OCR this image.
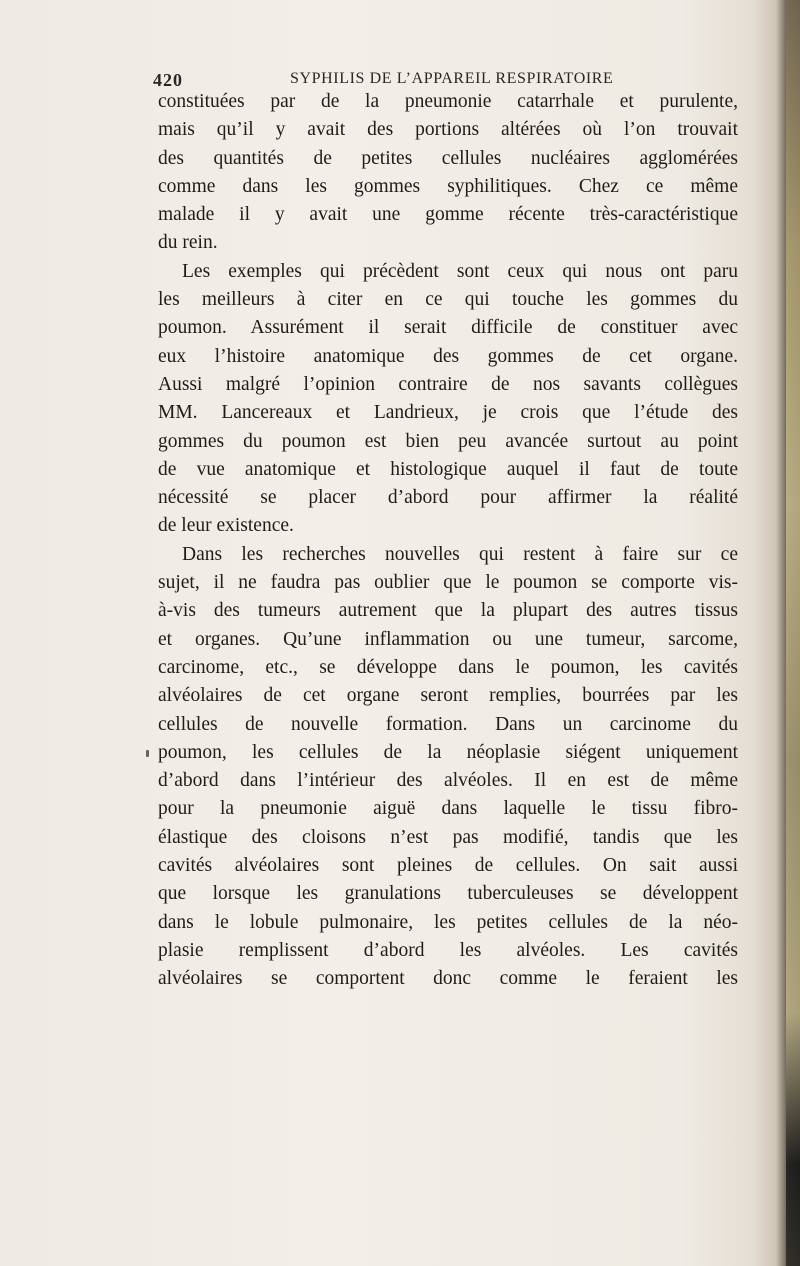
420	SYPHILIS DE L’APPAREIL RESPIRATOIRE
constituées par de la pneumonie catarrhale et purulente,
mais qu’il y avait des portions altérées où l’on trouvait
des quantités de petites cellules nucléaires agglomérées
comme dans les gommes syphilitiques. Chez ce même
malade il y avait une gomme récente très-caractéristique
du rein.
Les exemples qui précèdent sont ceux qui nous ont paru
les meilleurs à citer en ce qui touche les gommes du
poumon. Assurément il serait difficile de constituer avec
eux l’histoire anatomique des gommes de cet organe.
Aussi malgré l’opinion contraire de nos savants collègues
MM. Lancereaux et Landrieux, je crois que l’étude des
gommes du poumon est bien peu avancée surtout au point
de vue anatomique et histologique auquel il faut de toute
nécessité se placer d’abord pour affirmer la réalité
de leur existence.
Dans les recherches nouvelles qui restent à faire sur ce
sujet, il ne faudra pas oublier que le poumon se comporte vis-
à-vis des tumeurs autrement que la plupart des autres tissus
et organes. Qu’une inflammation ou une tumeur, sarcome,
carcinome, etc., se développe dans le poumon, les cavités
alvéolaires de cet organe seront remplies, bourrées par les
cellules de nouvelle formation. Dans un carcinome du
poumon, les cellules de la néoplasie siégent uniquement
d’abord dans l’intérieur des alvéoles. Il en est de même
pour la pneumonie aiguë dans laquelle le tissu fibro-
élastique des cloisons n’est pas modifié, tandis que les
cavités alvéolaires sont pleines de cellules. On sait aussi
que lorsque les granulations tuberculeuses se développent
dans le lobule pulmonaire, les petites cellules de la néo-
plasie remplissent d’abord les alvéoles. Les cavités
alvéolaires se comportent donc comme le feraient les
